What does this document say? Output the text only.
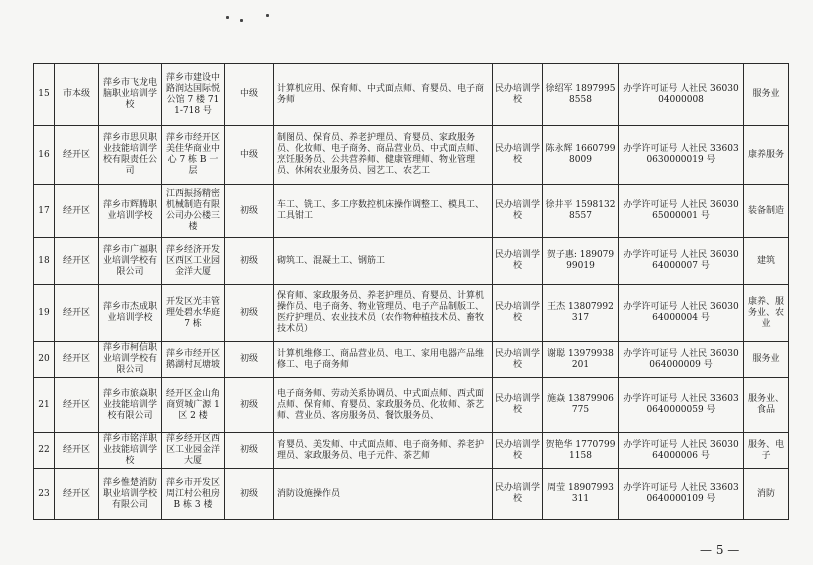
15	市本级	萍乡市飞龙电脑职业培训学校	萍乡市建设中路润达国际悦公馆 7 楼 711-718 号	中级	计算机应用、保育师、中式面点师、育婴员、电子商务师	民办培训学校	徐绍军 18979958558	办学许可证号 人社民 3603004000008	服务业
16	经开区	萍乡市思贝职业技能培训学校有限责任公司	萍乡市经开区美佳华商业中心 7 栋 B 一层	中级	制图员、保育员、养老护理员、育婴员、家政服务员、化妆师、电子商务、商品营业员、中式面点师、烹饪服务员、公共营养师、健康管理师、物业管理员、休闲农业服务员、园艺工、农艺工	民办培训学校	陈永辉 16607998009	办学许可证号 人社民 336030630000019 号	康养服务
17	经开区	萍乡市辉腾职业培训学校	江西振扬精密机械制造有限公司办公楼三楼	初级	车工、铣工、多工序数控机床操作调整工、模具工、工具钳工	民办培训学校	徐井平 15981328557	办学许可证号 人社民 3603065000001 号	装备制造
18	经开区	萍乡市广福职业培训学校有限公司	萍乡经济开发区西区工业园金洋大厦	初级	砌筑工、混凝土工、钢筋工	民办培训学校	贺子惠: 18907999019	办学许可证号 人社民 3603064000007 号	建筑
19	经开区	萍乡市杰成职业培训学校	开发区光丰管理处碧水华庭 7 栋	初级	保育师、家政服务员、养老护理员、育婴员、计算机操作员、电子商务、物业管理员、电子产品制版工、医疗护理员、农业技术员（农作物种植技术员、畜牧技术员）	民办培训学校	王杰 13807992317	办学许可证号 人社民 3603064000004 号	康养、服务业、农业
20	经开区	萍乡市柯信职业培训学校有限公司	萍乡市经开区鹅湖村瓦塘坡	初级	计算机维修工、商品营业员、电工、家用电器产品维修工、电子商务师	民办培训学校	谢聪 13979938201	办学许可证号 人社民 36030064000009 号	服务业
21	经开区	萍乡市旅焱职业技能培训学校有限公司	经开区金山角商贸城广源 1 区 2 楼	初级	电子商务师、劳动关系协调员、中式面点师、西式面点师、保育师、育婴员、家政服务员、化妆师、茶艺师、营业员、客房服务员、餐饮服务员、	民办培训学校	施焱 13879906775	办学许可证号 人社民 336030640000059 号	服务业、食品
22	经开区	萍乡市铭洋职业技能培训学校	萍乡经开区西区工业园金洋大厦	初级	育婴员、美发师、中式面点师、电子商务师、养老护理员、家政服务员、电子元件、茶艺师	民办培训学校	贺艳华 17707991158	办学许可证号 人社民 3603064000006 号	服务、电子
23	经开区	萍乡惟楚消防职业培训学校有限公司	萍乡市开发区周江村公租房 B 栋 3 楼	初级	消防设施操作员	民办培训学校	周莹 18907993311	办学许可证号 人社民 336030640000109 号	消防
— 5 —
